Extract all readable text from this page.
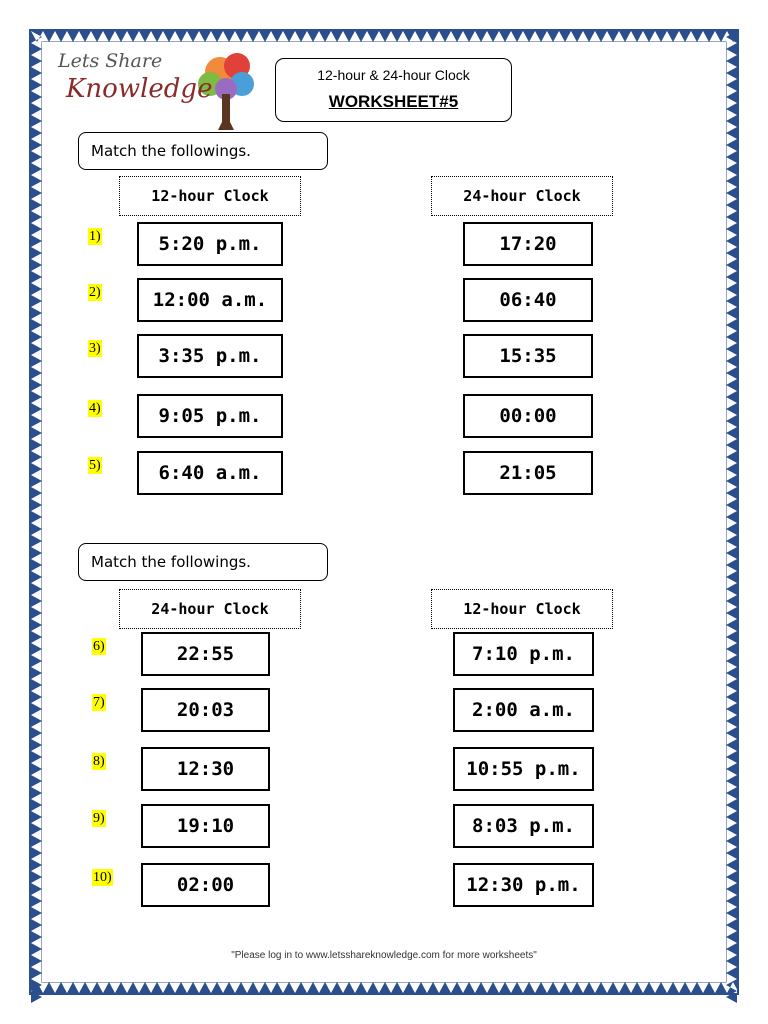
Lets Share
Knowledge	12-hour & 24-hour Clock
WORKSHEET#5
Match the followings.
12-hour Clock	24-hour Clock
1)	5:20 p.m.	17:20
2)	12:00 a.m.	06:40
3)	3:35 p.m.	15:35
4)	9:05 p.m.	00:00
5)	6:40 a.m.	21:05
Match the followings.
24-hour Clock	12-hour Clock
6)	22:55	7:10 p.m.
7)	20:03	2:00 a.m.
8)	12:30	10:55 p.m.
9)	19:10	8:03 p.m.
10)	02:00	12:30 p.m.
"Please log in to www.letsshareknowledge.com for more worksheets"
